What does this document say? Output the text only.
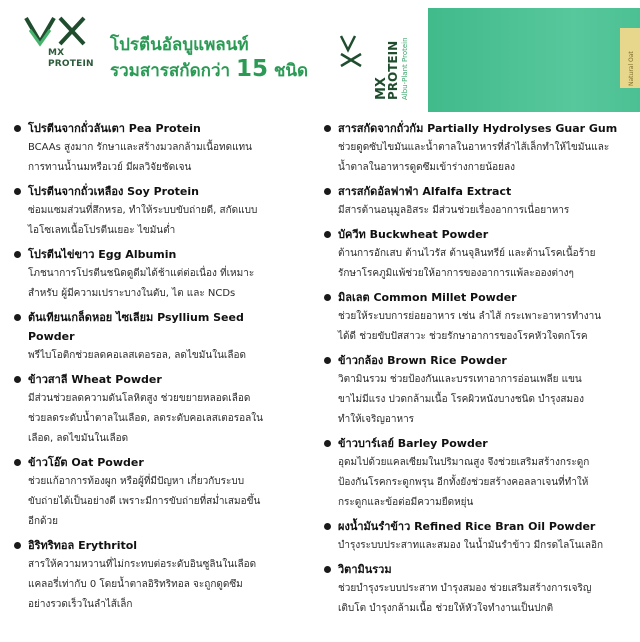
MX
PROTEIN
โปรตีนอัลบูแพลนท์
รวมสารสกัดกว่า 15 ชนิด
MX
PROTEIN Albu-Plant Protein	Natural Oat
โปรตีนจากถั่วลันเตา Pea Protein
BCAAs สูงมาก รักษาและสร้างมวลกล้ามเนื้อทดแทน
การทานน้ำนมหรือเวย์ มีผลวิจัยชัดเจน
โปรตีนจากถั่วเหลือง Soy Protein
ซ่อมแซมส่วนที่สึกหรอ, ทำให้ระบบขับถ่ายดี, สกัดแบบ
ไอโซเลทเนื้อโปรตีนเยอะ ไขมันต่ำ
โปรตีนไข่ขาว Egg Albumin
โภชนาการโปรตีนชนิดดูดีมได้ช้าแต่ต่อเนื่อง ที่เหมาะ
สำหรับ ผู้มีความเปราะบางในตับ, ไต และ NCDs
ต้นเทียนเกล็ดหอย ไซเลียม Psyllium Seed
Powder
พรีไบโอติกช่วยลดคอเลสเตอรอล, ลดไขมันในเลือด
ข้าวสาลี Wheat Powder
มีส่วนช่วยลดความดันโลหิตสูง ช่วยขยายหลอดเลือด
ช่วยลดระดับน้ำตาลในเลือด, ลดระดับคอเลสเตอรอลใน
เลือด, ลดไขมันในเลือด
ข้าวโอ๊ต Oat Powder
ช่วยแก้อาการท้องผูก หรือผู้ที่มีปัญหา เกี่ยวกับระบบ
ขับถ่ายได้เป็นอย่างดี เพราะมีการขับถ่ายที่สม่ำเสมอขึ้น
อีกด้วย
อิริทริทอล Erythritol
สารให้ความหวานที่ไม่กระทบต่อระดับอินซูลินในเลือด
แคลอรี่เท่ากับ 0 โดยน้ำตาลอิริทริทอล จะถูกดูดซึม
อย่างรวดเร็วในลำไส้เล็ก
สารสกัดจากถั่วกัม Partially Hydrolyses Guar Gum
ช่วยดูดซับไขมันและน้ำตาลในอาหารที่ลำไส้เล็กทำให้ไขมันและ
น้ำตาลในอาหารดูดซึมเข้าร่างกายน้อยลง
สารสกัดอัลฟาฟ่า Alfalfa Extract
มีสารต้านอนุมูลอิสระ มีส่วนช่วยเรื่องอาการเนื่อยาหาร
บัควีท Buckwheat Powder
ต้านการอักเสบ ต้านไวรัส ต้านจุลินทรีย์ และต้านโรคเนื้อร้าย
รักษาโรคภูมิแพ้ช่วยให้อาการของอาการแพ้ละอองต่างๆ
มิลเลต Common Millet Powder
ช่วยให้ระบบการย่อยอาหาร เช่น ลำไส้ กระเพาะอาหารทำงาน
ได้ดี ช่วยขับปัสสาวะ ช่วยรักษาอาการของโรคหัวใจตกโรค
ข้าวกล้อง Brown Rice Powder
วิตามินรวม ช่วยป้องกันและบรรเทาอาการอ่อนเพลีย แขน
ขาไม่มีแรง ปวดกล้ามเนื้อ โรคผิวหนังบางชนิด บำรุงสมอง
ทำให้เจริญอาหาร
ข้าวบาร์เลย์ Barley Powder
อุดมไปด้วยแคลเซียมในปริมาณสูง จึงช่วยเสริมสร้างกระดูก
ป้องกันโรคกระดูกพรุน อีกทั้งยังช่วยสร้างคอลลาเจนที่ทำให้
กระดูกและข้อต่อมีความยืดหยุ่น
ผงน้ำมันรำข้าว Refined Rice Bran Oil Powder
บำรุงระบบประสาทและสมอง ในน้ำมันรำข้าว มีกรดไลโนเลอิก
วิตามินรวม
ช่วยบำรุงระบบประสาท บำรุงสมอง ช่วยเสริมสร้างการเจริญ
เติบโต บำรุงกล้ามเนื้อ ช่วยให้หัวใจทำงานเป็นปกติ
